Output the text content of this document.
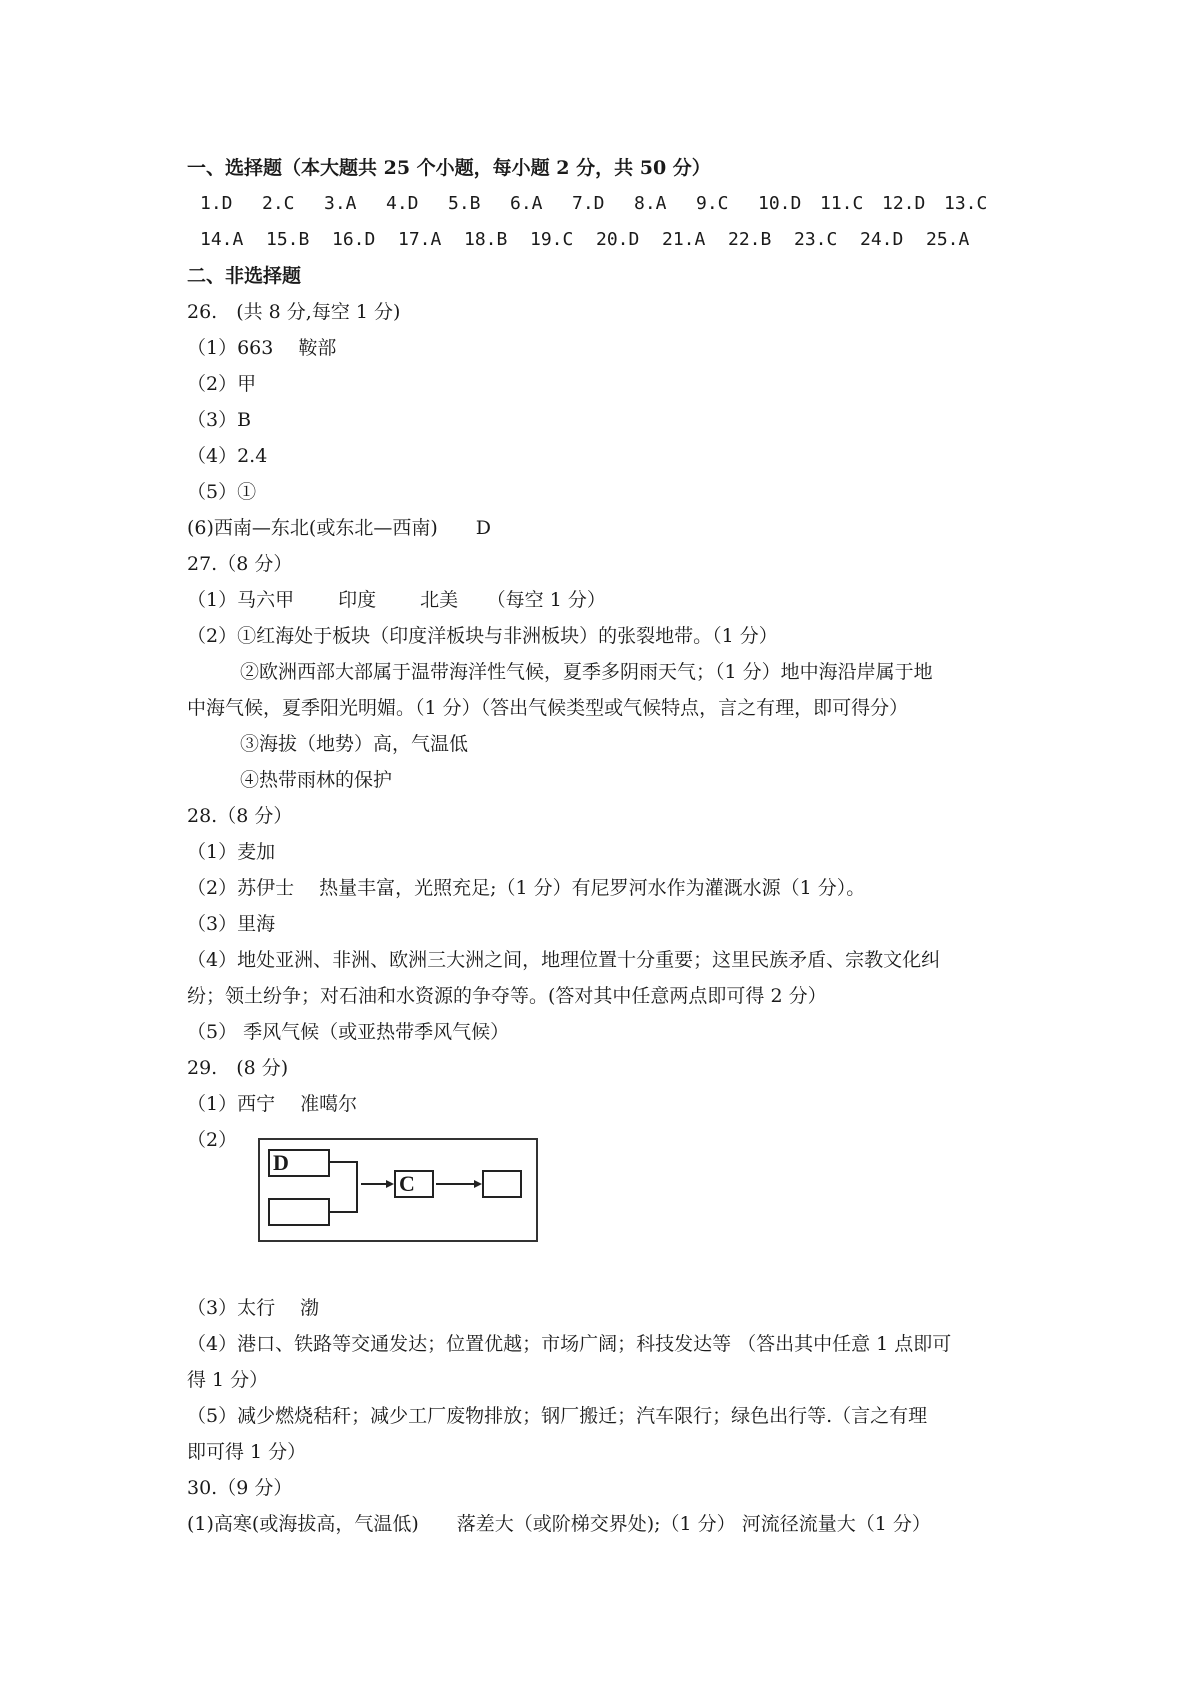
一、选择题（本大题共 25 个小题，每小题 2 分，共 50 分）
1.D 2.C 3.A 4.D 5.B 6.A 7.D 8.A 9.C 10.D 11.C 12.D 13.C
14.A 15.B 16.D 17.A 18.B 19.C 20.D 21.A 22.B 23.C 24.D 25.A
二、非选择题
26.　(共 8 分,每空 1 分)
（1）663　 鞍部
（2）甲
（3）B
（4）2.4
（5）①
(6)西南—东北(或东北—西南)　　D
27.（8 分）
（1）马六甲　　 印度　　 北美　　（每空 1 分）
（2）①红海处于板块（印度洋板块与非洲板块）的张裂地带。（1 分）
②欧洲西部大部属于温带海洋性气候，夏季多阴雨天气；（1 分）地中海沿岸属于地
中海气候，夏季阳光明媚。（1 分）（答出气候类型或气候特点，言之有理，即可得分）
③海拔（地势）高，气温低
④热带雨林的保护
28.（8 分）
（1）麦加
（2）苏伊士　 热量丰富，光照充足;（1 分）有尼罗河水作为灌溉水源（1 分）。
（3）里海
（4）地处亚洲、非洲、欧洲三大洲之间，地理位置十分重要；这里民族矛盾、宗教文化纠
纷；领土纷争；对石油和水资源的争夺等。(答对其中任意两点即可得 2 分）
（5） 季风气候（或亚热带季风气候）
29.　(8 分)
（1）西宁　 准噶尔
（2）
D
C
（3）太行　 渤
（4）港口、铁路等交通发达；位置优越；市场广阔；科技发达等 （答出其中任意 1 点即可
得 1 分）
（5）减少燃烧秸秆；减少工厂废物排放；钢厂搬迁；汽车限行；绿色出行等.（言之有理
即可得 1 分）
30.（9 分）
(1)高寒(或海拔高，气温低)　　落差大（或阶梯交界处);（1 分） 河流径流量大（1 分）
